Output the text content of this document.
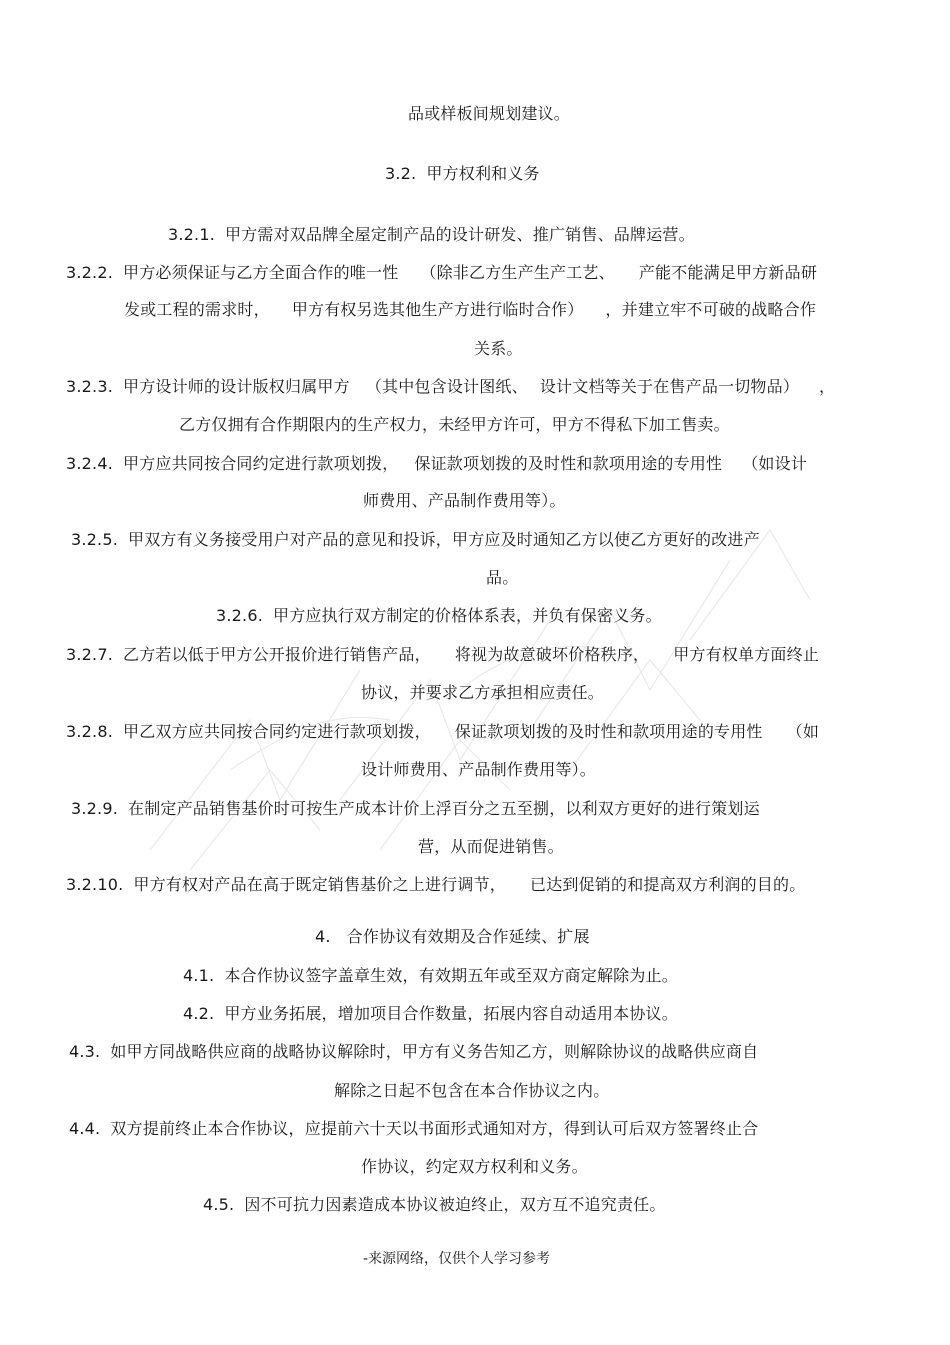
品或样板间规划建议。
3.2. 甲方权利和义务
3.2.1. 甲方需对双品牌全屋定制产品的设计研发、推广销售、品牌运营。
3.2.2. 甲方必须保证与乙方全面合作的唯一性 （除非乙方生产生产工艺、 产能不能满足甲方新品研
发或工程的需求时， 甲方有权另选其他生产方进行临时合作） ，并建立牢不可破的战略合作
关系。
3.2.3. 甲方设计师的设计版权归属甲方 （其中包含设计图纸、 设计文档等关于在售产品一切物品） ，
乙方仅拥有合作期限内的生产权力，未经甲方许可，甲方不得私下加工售卖。
3.2.4. 甲方应共同按合同约定进行款项划拨， 保证款项划拨的及时性和款项用途的专用性 （如设计
师费用、产品制作费用等）。
3.2.5. 甲双方有义务接受用户对产品的意见和投诉，甲方应及时通知乙方以使乙方更好的改进产
品。
3.2.6. 甲方应执行双方制定的价格体系表，并负有保密义务。
3.2.7. 乙方若以低于甲方公开报价进行销售产品， 将视为故意破坏价格秩序， 甲方有权单方面终止
协议，并要求乙方承担相应责任。
3.2.8. 甲乙双方应共同按合同约定进行款项划拨， 保证款项划拨的及时性和款项用途的专用性 （如
设计师费用、产品制作费用等）。
3.2.9. 在制定产品销售基价时可按生产成本计价上浮百分之五至捌，以利双方更好的进行策划运
营，从而促进销售。
3.2.10. 甲方有权对产品在高于既定销售基价之上进行调节， 已达到促销的和提高双方利润的目的。
4. 合作协议有效期及合作延续、扩展
4.1. 本合作协议签字盖章生效，有效期五年或至双方商定解除为止。
4.2. 甲方业务拓展，增加项目合作数量，拓展内容自动适用本协议。
4.3. 如甲方同战略供应商的战略协议解除时，甲方有义务告知乙方，则解除协议的战略供应商自
解除之日起不包含在本合作协议之内。
4.4. 双方提前终止本合作协议，应提前六十天以书面形式通知对方，得到认可后双方签署终止合
作协议，约定双方权利和义务。
4.5. 因不可抗力因素造成本协议被迫终止，双方互不追究责任。
-来源网络，仅供个人学习参考
